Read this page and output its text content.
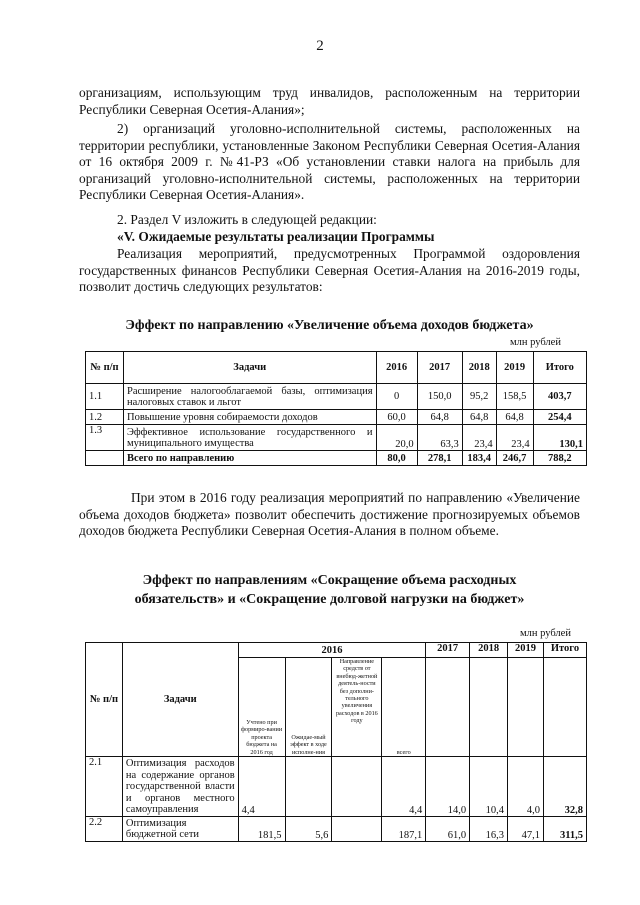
2
организациям, использующим труд инвалидов, расположенным на территории Республики Северная Осетия-Алания»;
2) организаций уголовно-исполнительной системы, расположенных на территории республики, установленные Законом Республики Северная Осетия-Алания от 16 октября 2009 г. №41-РЗ «Об установлении ставки налога на прибыль для организаций уголовно-исполнительной системы, расположенных на территории Республики Северная Осетия-Алания».
2. Раздел V изложить в следующей редакции:
«V. Ожидаемые результаты реализации Программы
Реализация мероприятий, предусмотренных Программой оздоровления государственных финансов Республики Северная Осетия-Алания на 2016-2019 годы, позволит достичь следующих результатов:
Эффект по направлению «Увеличение объема доходов бюджета»
млн рублей
№ п/п	Задачи	2016	2017	2018	2019	Итого
1.1	Расширение налогооблагаемой базы, оптимизация налоговых ставок и льгот	0	150,0	95,2	158,5	403,7
1.2	Повышение уровня собираемости доходов	60,0	64,8	64,8	64,8	254,4
1.3	Эффективное использование государственного и муниципального имущества	20,0	63,3	23,4	23,4	130,1
	Всего по направлению	80,0	278,1	183,4	246,7	788,2
При этом в 2016 году реализация мероприятий по направлению «Увеличение объема доходов бюджета» позволит обеспечить достижение прогнозируемых объемов доходов бюджета Республики Северная Осетия-Алания в полном объеме.
Эффект по направлениям «Сокращение объема расходных
обязательств» и «Сокращение долговой нагрузки на бюджет»
млн рублей
№ п/п	Задачи	2016				2017	2018	2019	Итого
		Учтено при формиро-вании проекта бюджета на 2016 год	Ожидае-мый эффект в ходе исполне-ния	Направление средств от внебюд-жетной деятель-ности без дополни-тельного увеличения расходов в 2016 году	всего				
2.1	Оптимизация расходов на содержание органов государственной власти и органов местного самоуправления	4,4			4,4	14,0	10,4	4,0	32,8
2.2	Оптимизация бюджетной сети	181,5	5,6		187,1	61,0	16,3	47,1	311,5
